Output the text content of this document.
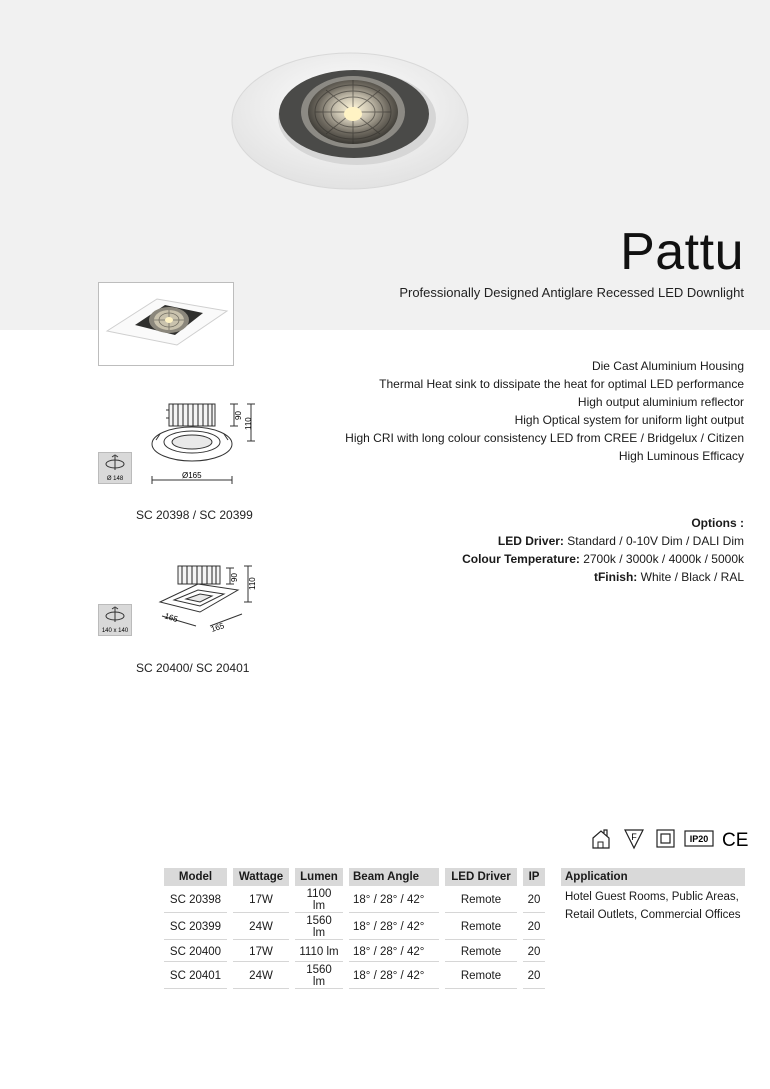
Pattu
Professionally Designed Antiglare Recessed LED Downlight
Die Cast Aluminium Housing
Thermal Heat sink to dissipate the heat for optimal LED performance
High output aluminium reflector
High Optical system for uniform light output
High CRI with long colour consistency LED from CREE / Bridgelux / Citizen
High Luminous Efficacy
Options :
LED Driver: Standard / 0-10V Dim / DALI Dim
Colour Temperature: 2700k / 3000k / 4000k / 5000k
tFinish: White / Black / RAL
90
110
Ø165
Ø 148
SC 20398 / SC 20399
90 110
165
165
140 x 140
SC 20400/ SC 20401
F	IP20 CE
Model	Wattage	Lumen	Beam Angle	LED Driver	IP
SC 20398	17W	1100 lm	18° / 28° / 42°	Remote	20
SC 20399	24W	1560 lm	18° / 28° / 42°	Remote	20
SC 20400	17W	1110 lm	18° / 28° / 42°	Remote	20
SC 20401	24W	1560 lm	18° / 28° / 42°	Remote	20
Application
Hotel Guest Rooms, Public Areas, Retail Outlets, Commercial Offices
